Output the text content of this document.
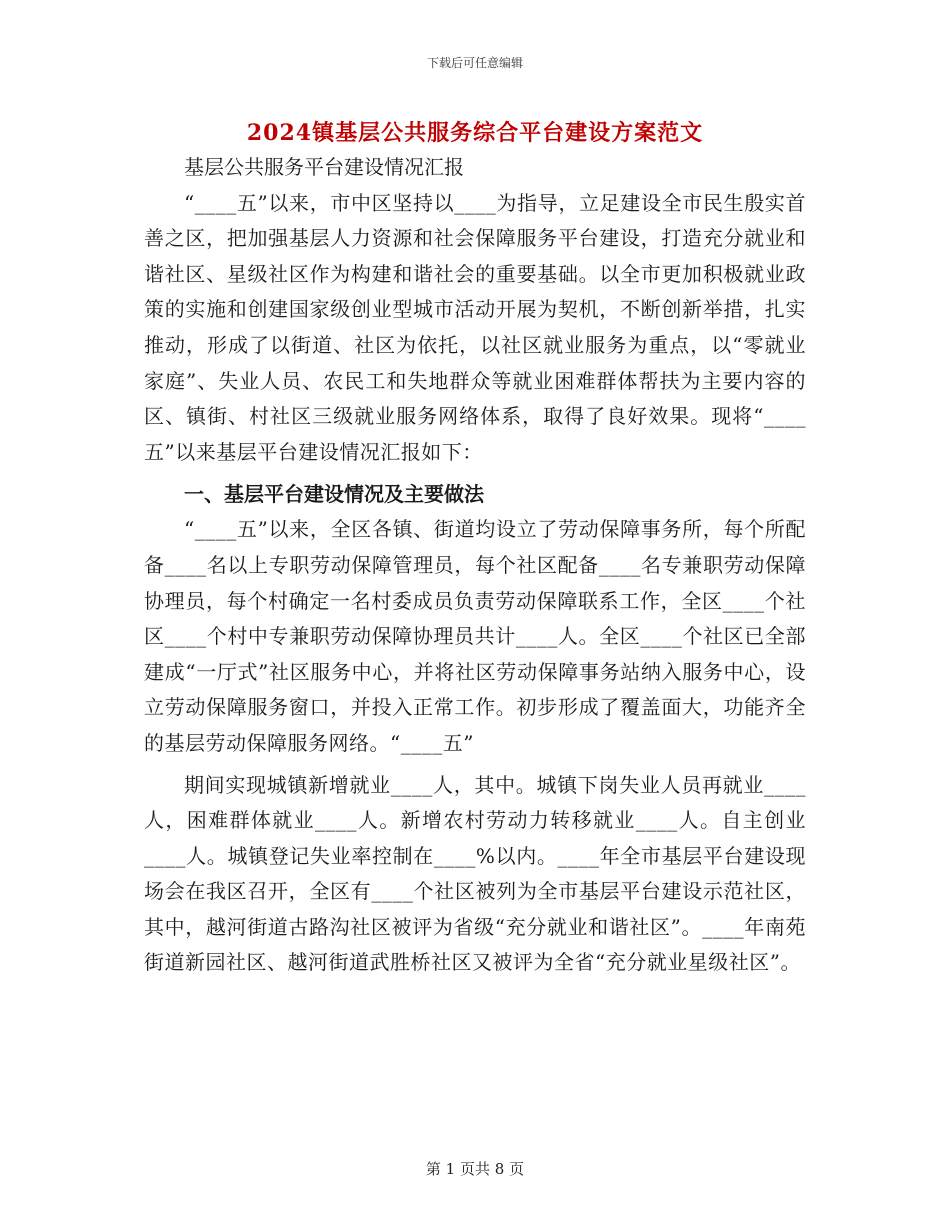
下载后可任意编辑
2024镇基层公共服务综合平台建设方案范文

基层公共服务平台建设情况汇报

“____五”以来，市中区坚持以____为指导，立足建设全市民生殷实首善之区，把加强基层人力资源和社会保障服务平台建设，打造充分就业和谐社区、星级社区作为构建和谐社会的重要基础。以全市更加积极就业政策的实施和创建国家级创业型城市活动开展为契机，不断创新举措，扎实推动，形成了以街道、社区为依托，以社区就业服务为重点，以“零就业家庭”、失业人员、农民工和失地群众等就业困难群体帮扶为主要内容的区、镇街、村社区三级就业服务网络体系，取得了良好效果。现将“____五”以来基层平台建设情况汇报如下：

一、基层平台建设情况及主要做法

“____五”以来，全区各镇、街道均设立了劳动保障事务所，每个所配备____名以上专职劳动保障管理员，每个社区配备____名专兼职劳动保障协理员，每个村确定一名村委成员负责劳动保障联系工作，全区____个社区____个村中专兼职劳动保障协理员共计____人。全区____个社区已全部建成“一厅式”社区服务中心，并将社区劳动保障事务站纳入服务中心，设立劳动保障服务窗口，并投入正常工作。初步形成了覆盖面大，功能齐全的基层劳动保障服务网络。“____五”

期间实现城镇新增就业____人，其中。城镇下岗失业人员再就业____人，困难群体就业____人。新增农村劳动力转移就业____人。自主创业____人。城镇登记失业率控制在____%以内。____年全市基层平台建设现场会在我区召开，全区有____个社区被列为全市基层平台建设示范社区，其中，越河街道古路沟社区被评为省级“充分就业和谐社区”。____年南苑街道新园社区、越河街道武胜桥社区又被评为全省“充分就业星级社区”。

第 1 页共 8 页
